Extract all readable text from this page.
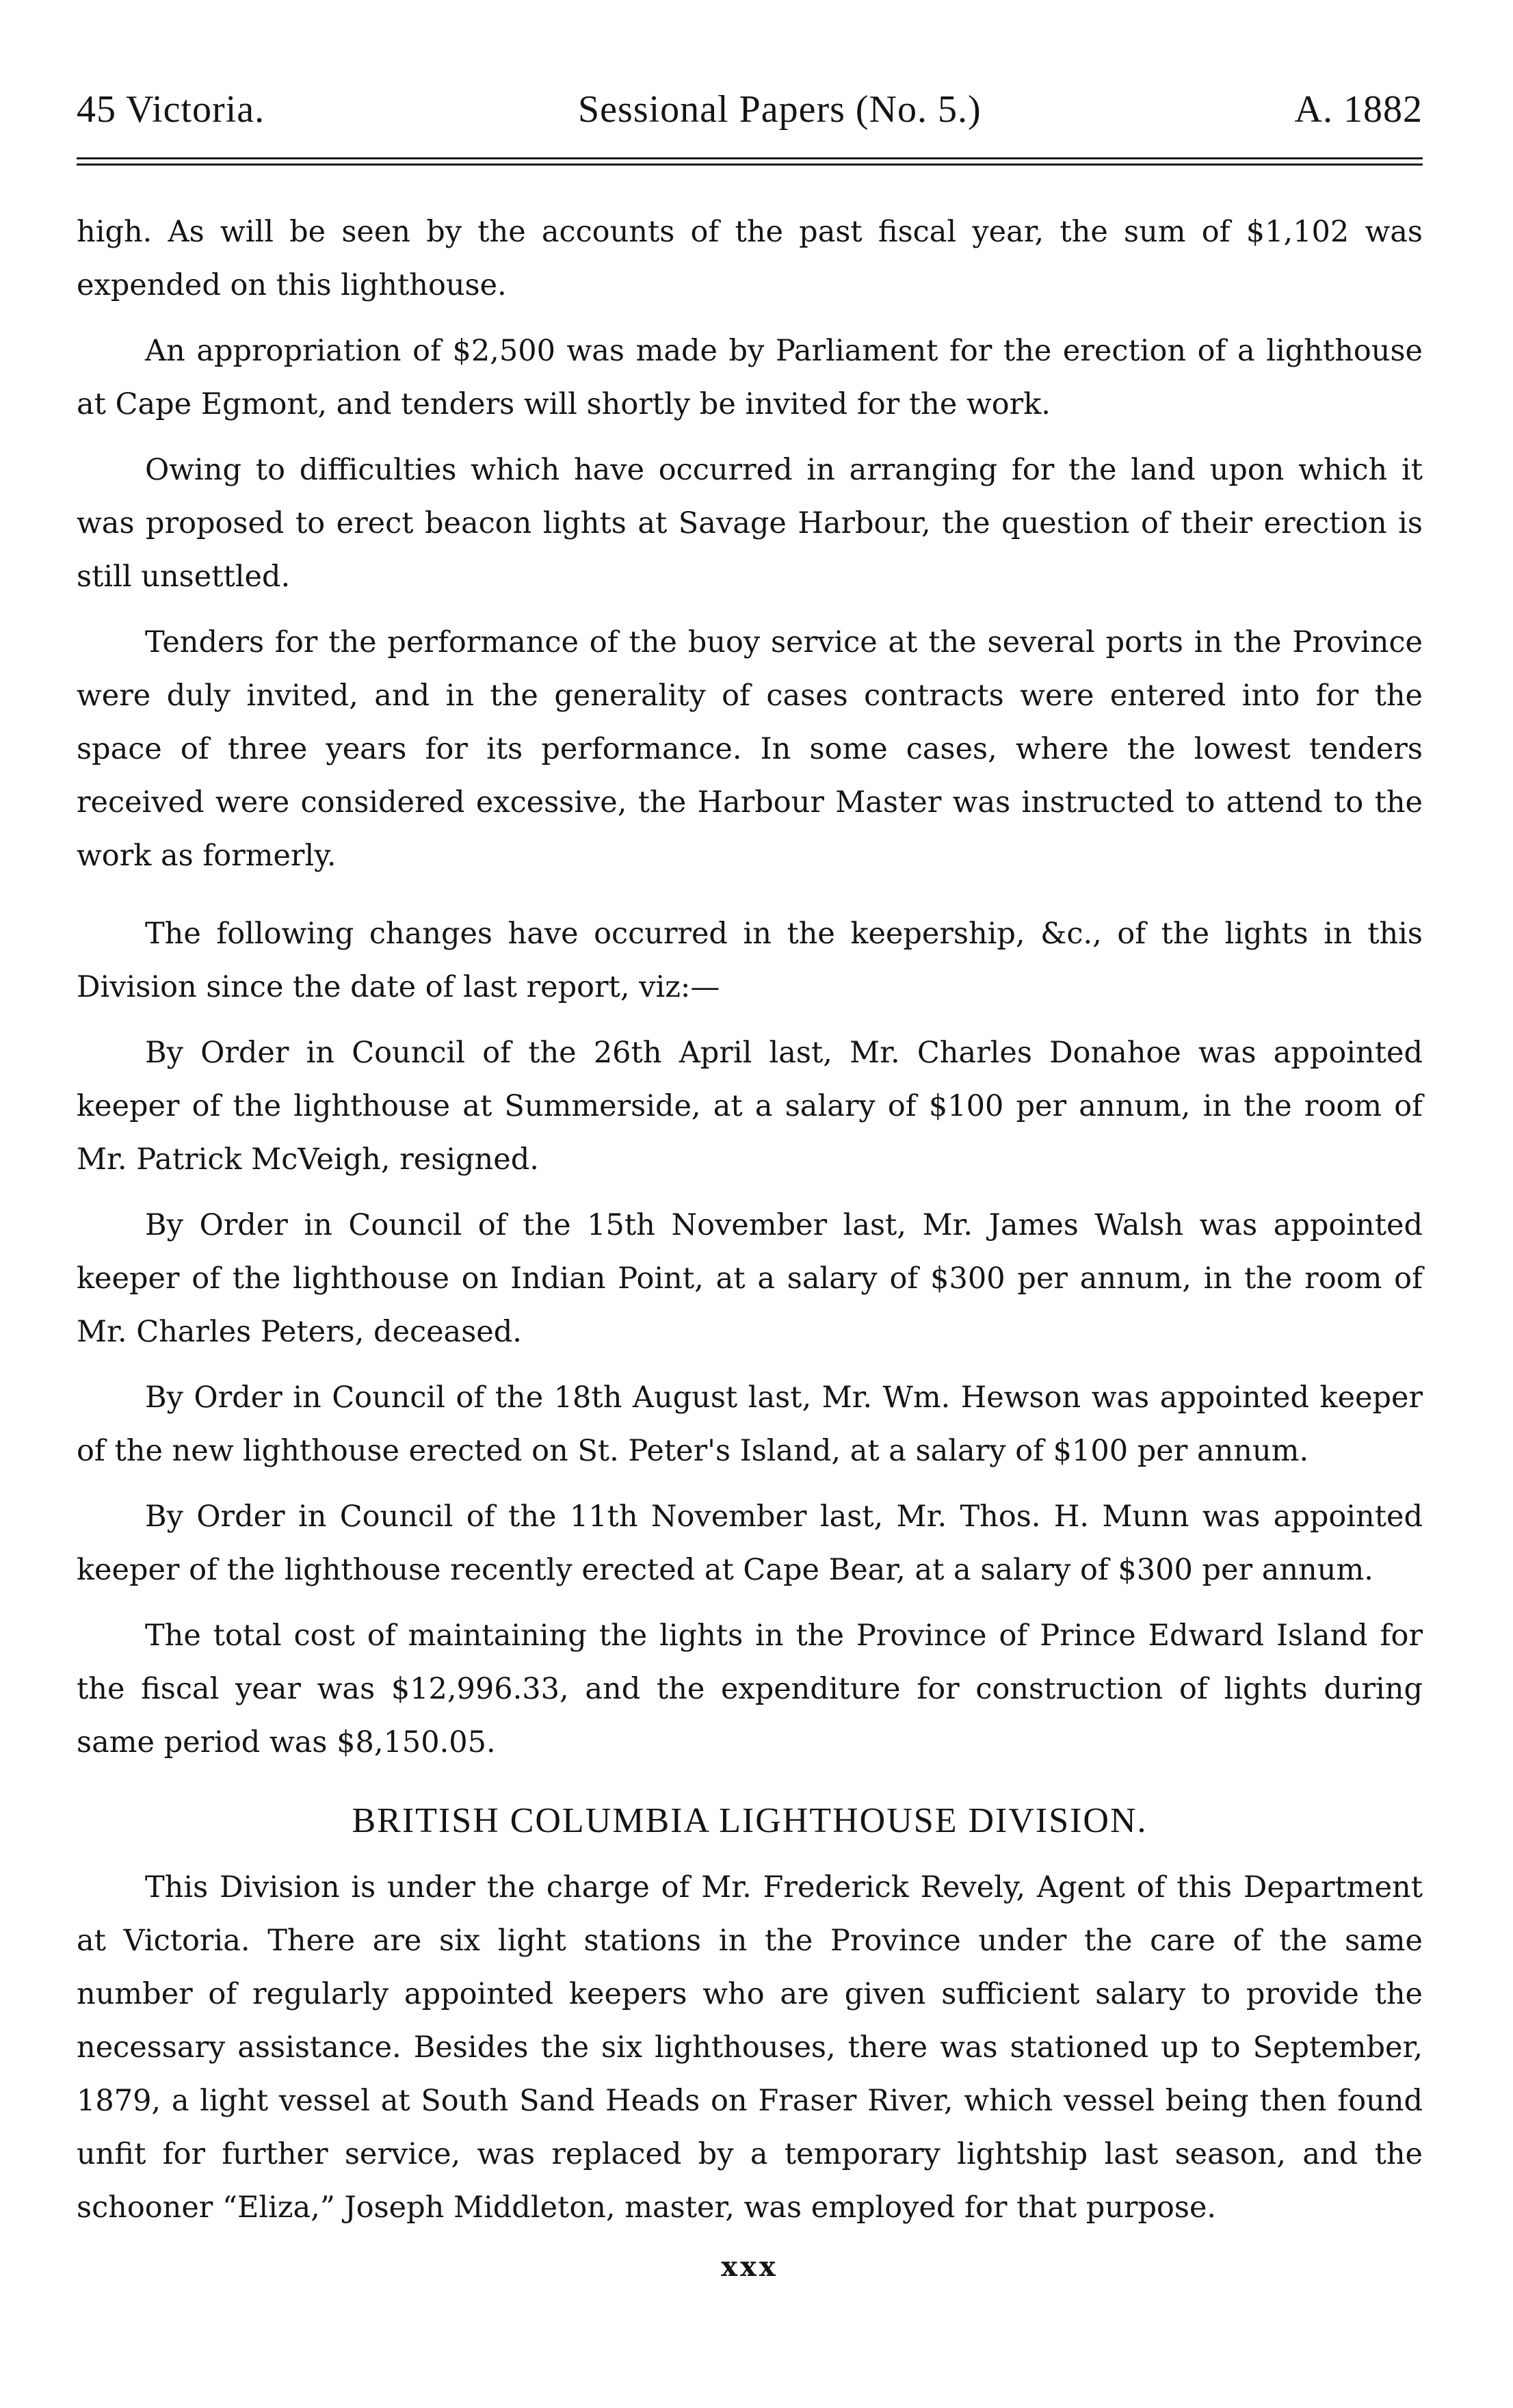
45 Victoria.	Sessional Papers (No. 5.)	A. 1882

high. As will be seen by the accounts of the past fiscal year, the sum of $1,102 was expended on this lighthouse.

An appropriation of $2,500 was made by Parliament for the erection of a lighthouse at Cape Egmont, and tenders will shortly be invited for the work.

Owing to difficulties which have occurred in arranging for the land upon which it was proposed to erect beacon lights at Savage Harbour, the question of their erection is still unsettled.

Tenders for the performance of the buoy service at the several ports in the Province were duly invited, and in the generality of cases contracts were entered into for the space of three years for its performance. In some cases, where the lowest tenders received were considered excessive, the Harbour Master was instructed to attend to the work as formerly.

The following changes have occurred in the keepership, &c., of the lights in this Division since the date of last report, viz:—

By Order in Council of the 26th April last, Mr. Charles Donahoe was appointed keeper of the lighthouse at Summerside, at a salary of $100 per annum, in the room of Mr. Patrick McVeigh, resigned.

By Order in Council of the 15th November last, Mr. James Walsh was appointed keeper of the lighthouse on Indian Point, at a salary of $300 per annum, in the room of Mr. Charles Peters, deceased.

By Order in Council of the 18th August last, Mr. Wm. Hewson was appointed keeper of the new lighthouse erected on St. Peter's Island, at a salary of $100 per annum.

By Order in Council of the 11th November last, Mr. Thos. H. Munn was appointed keeper of the lighthouse recently erected at Cape Bear, at a salary of $300 per annum.

The total cost of maintaining the lights in the Province of Prince Edward Island for the fiscal year was $12,996.33, and the expenditure for construction of lights during same period was $8,150.05.

BRITISH COLUMBIA LIGHTHOUSE DIVISION.

This Division is under the charge of Mr. Frederick Revely, Agent of this Department at Victoria. There are six light stations in the Province under the care of the same number of regularly appointed keepers who are given sufficient salary to provide the necessary assistance. Besides the six lighthouses, there was stationed up to September, 1879, a light vessel at South Sand Heads on Fraser River, which vessel being then found unfit for further service, was replaced by a temporary lightship last season, and the schooner “Eliza,” Joseph Middleton, master, was employed for that purpose.

xxx
